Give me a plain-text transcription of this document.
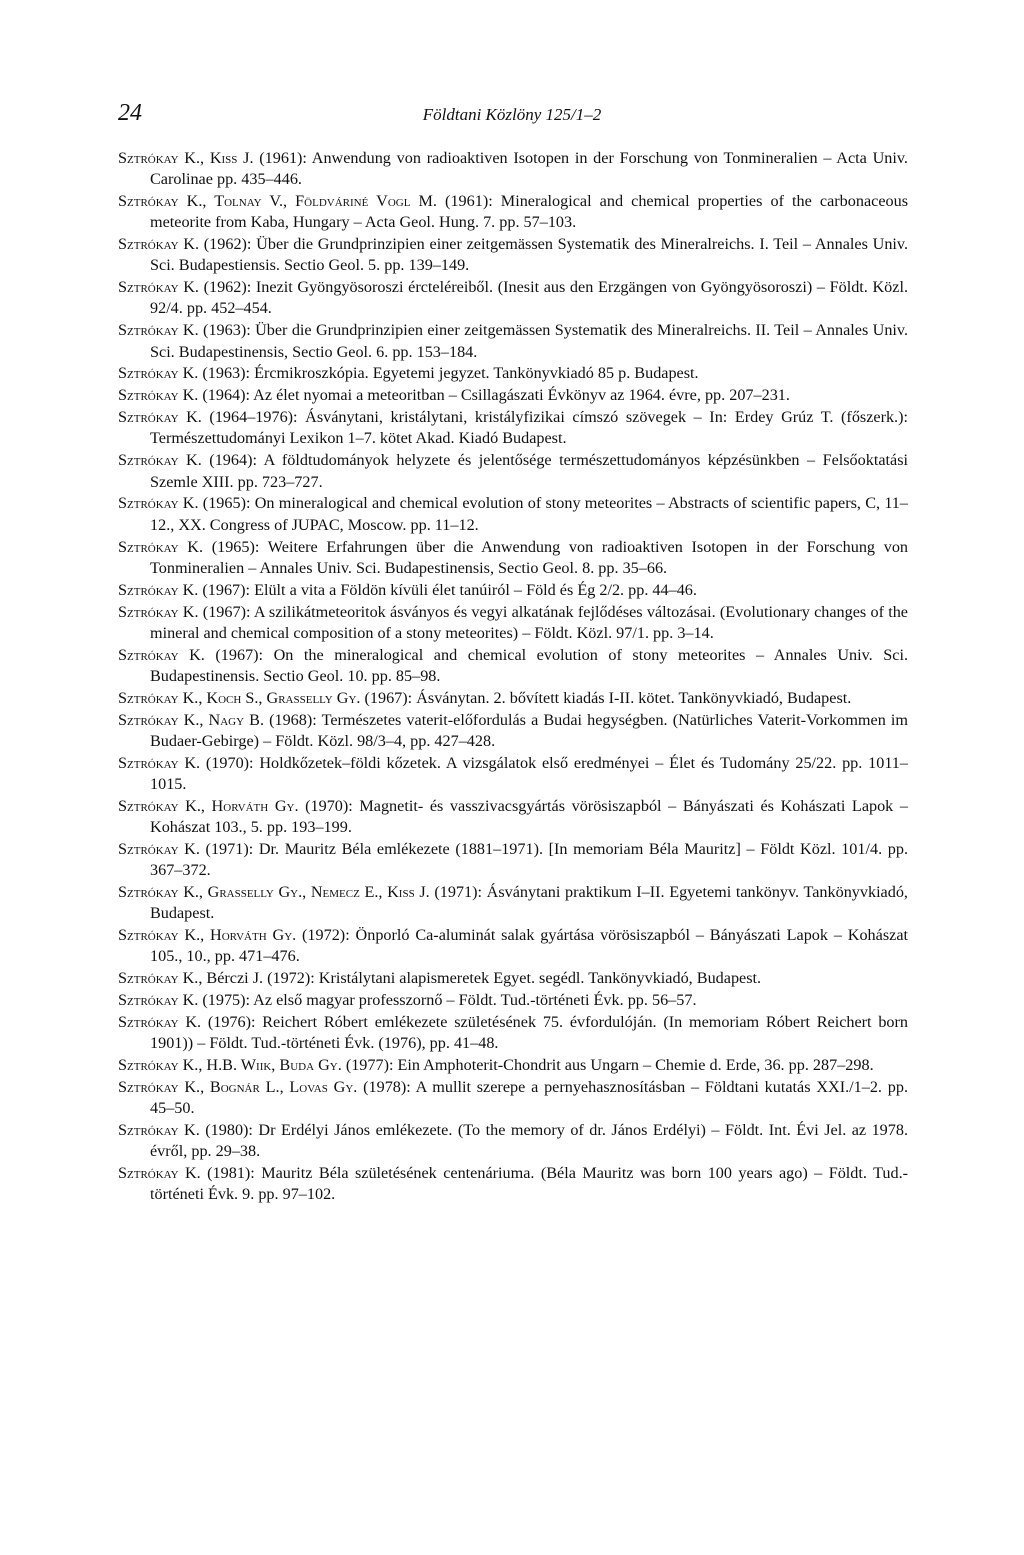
24	Földtani Közlöny 125/1–2

Sztrókay K., Kiss J. (1961): Anwendung von radioaktiven Isotopen in der Forschung von Tonmineralien – Acta Univ. Carolinae pp. 435–446.

Sztrókay K., Tolnay V., Földváriné Vogl M. (1961): Mineralogical and chemical properties of the carbonaceous meteorite from Kaba, Hungary – Acta Geol. Hung. 7. pp. 57–103.

Sztrókay K. (1962): Über die Grundprinzipien einer zeitgemässen Systematik des Mineralreichs. I. Teil – Annales Univ. Sci. Budapestiensis. Sectio Geol. 5. pp. 139–149.

Sztrókay K. (1962): Inezit Gyöngyösoroszi ércteléreiből. (Inesit aus den Erzgängen von Gyöngyösoroszi) – Földt. Közl. 92/4. pp. 452–454.

Sztrókay K. (1963): Über die Grundprinzipien einer zeitgemässen Systematik des Mineralreichs. II. Teil – Annales Univ. Sci. Budapestinensis, Sectio Geol. 6. pp. 153–184.

Sztrókay K. (1963): Ércmikroszkópia. Egyetemi jegyzet. Tankönyvkiadó 85 p. Budapest.

Sztrókay K. (1964): Az élet nyomai a meteoritban – Csillagászati Évkönyv az 1964. évre, pp. 207–231.

Sztrókay K. (1964–1976): Ásványtani, kristálytani, kristályfizikai címszó szövegek – In: Erdey Grúz T. (főszerk.): Természettudományi Lexikon 1–7. kötet Akad. Kiadó Budapest.

Sztrókay K. (1964): A földtudományok helyzete és jelentősége természettudományos képzésünkben – Felsőoktatási Szemle XIII. pp. 723–727.

Sztrókay K. (1965): On mineralogical and chemical evolution of stony meteorites – Abstracts of scientific papers, C, 11–12., XX. Congress of JUPAC, Moscow. pp. 11–12.

Sztrókay K. (1965): Weitere Erfahrungen über die Anwendung von radioaktiven Isotopen in der Forschung von Tonmineralien – Annales Univ. Sci. Budapestinensis, Sectio Geol. 8. pp. 35–66.

Sztrókay K. (1967): Elült a vita a Földön kívüli élet tanúiról – Föld és Ég 2/2. pp. 44–46.

Sztrókay K. (1967): A szilikátmeteoritok ásványos és vegyi alkatának fejlődéses változásai. (Evolutionary changes of the mineral and chemical composition of a stony meteorites) – Földt. Közl. 97/1. pp. 3–14.

Sztrókay K. (1967): On the mineralogical and chemical evolution of stony meteorites – Annales Univ. Sci. Budapestinensis. Sectio Geol. 10. pp. 85–98.

Sztrókay K., Koch S., Grasselly Gy. (1967): Ásványtan. 2. bővített kiadás I-II. kötet. Tankönyvkiadó, Budapest.

Sztrókay K., Nagy B. (1968): Természetes vaterit-előfordulás a Budai hegységben. (Natürliches Vaterit-Vorkommen im Budaer-Gebirge) – Földt. Közl. 98/3–4, pp. 427–428.

Sztrókay K. (1970): Holdkőzetek–földi kőzetek. A vizsgálatok első eredményei – Élet és Tudomány 25/22. pp. 1011–1015.

Sztrókay K., Horváth Gy. (1970): Magnetit- és vasszivacsgyártás vörösiszapból – Bányászati és Kohászati Lapok – Kohászat 103., 5. pp. 193–199.

Sztrókay K. (1971): Dr. Mauritz Béla emlékezete (1881–1971). [In memoriam Béla Mauritz] – Földt Közl. 101/4. pp. 367–372.

Sztrókay K., Grasselly Gy., Nemecz E., Kiss J. (1971): Ásványtani praktikum I–II. Egyetemi tankönyv. Tankönyvkiadó, Budapest.

Sztrókay K., Horváth Gy. (1972): Önporló Ca-aluminát salak gyártása vörösiszapból – Bányászati Lapok – Kohászat 105., 10., pp. 471–476.

Sztrókay K., Bérczi J. (1972): Kristálytani alapismeretek Egyet. segédl. Tankönyvkiadó, Budapest.

Sztrókay K. (1975): Az első magyar professzornő – Földt. Tud.-történeti Évk. pp. 56–57.

Sztrókay K. (1976): Reichert Róbert emlékezete születésének 75. évfordulóján. (In memoriam Róbert Reichert born 1901)) – Földt. Tud.-történeti Évk. (1976), pp. 41–48.

Sztrókay K., H.B. Wiik, Buda Gy. (1977): Ein Amphoterit-Chondrit aus Ungarn – Chemie d. Erde, 36. pp. 287–298.

Sztrókay K., Bognár L., Lovas Gy. (1978): A mullit szerepe a pernyehasznosításban – Földtani kutatás XXI./1–2. pp. 45–50.

Sztrókay K. (1980): Dr Erdélyi János emlékezete. (To the memory of dr. János Erdélyi) – Földt. Int. Évi Jel. az 1978. évről, pp. 29–38.

Sztrókay K. (1981): Mauritz Béla születésének centenáriuma. (Béla Mauritz was born 100 years ago) – Földt. Tud.-történeti Évk. 9. pp. 97–102.
